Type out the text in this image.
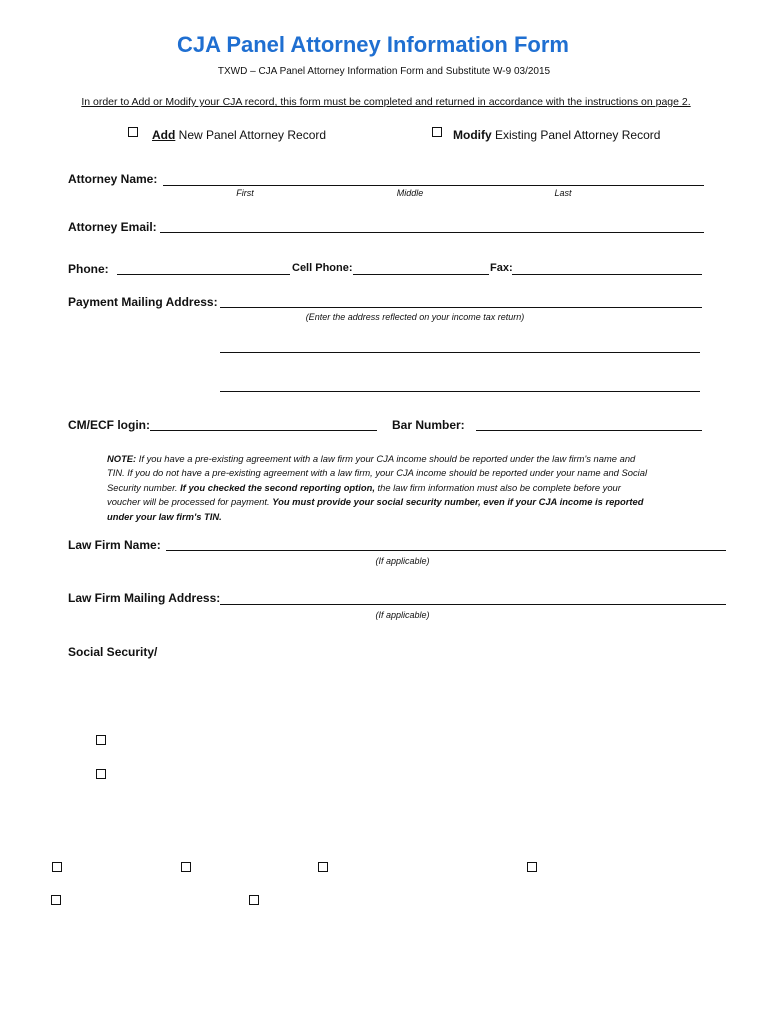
CJA Panel Attorney Information Form
TXWD – CJA Panel Attorney Information Form and Substitute W-9 03/2015
In order to Add or Modify your CJA record, this form must be completed and returned in accordance with the instructions on page 2.
Add New Panel Attorney Record	Modify Existing Panel Attorney Record
Attorney Name:
First	Middle	Last
Attorney Email:
Phone:	Cell Phone:	Fax:
Payment Mailing Address:
(Enter the address reflected on your income tax return)
CM/ECF login:	Bar Number:
NOTE: If you have a pre-existing agreement with a law firm your CJA income should be reported under the law firm's name and TIN. If you do not have a pre-existing agreement with a law firm, your CJA income should be reported under your name and Social Security number. If you checked the second reporting option, the law firm information must also be complete before your voucher will be processed for payment. You must provide your social security number, even if your CJA income is reported under your law firm's TIN.
Law Firm Name:
(If applicable)
Law Firm Mailing Address:
(If applicable)
Social Security/
